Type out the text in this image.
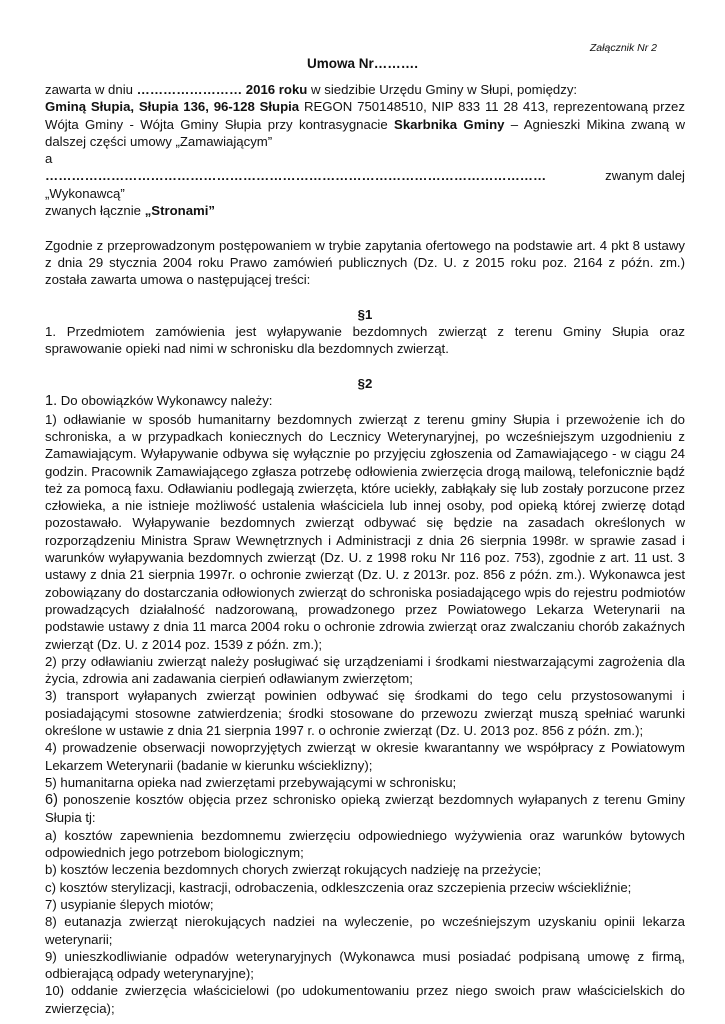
Załącznik Nr 2
Umowa Nr……….

zawarta w dniu …………………… 2016 roku w siedzibie Urzędu Gminy w Słupi, pomiędzy:

Gminą Słupia, Słupia 136, 96-128 Słupia REGON 750148510, NIP 833 11 28 413, reprezentowaną przez Wójta Gminy - Wójta Gminy Słupia przy kontrasygnacie Skarbnika Gminy – Agnieszki Mikina zwaną w dalszej części umowy „Zamawiającym”

a

……………………………………………………………………………………………………	zwanym dalej

„Wykonawcą”

zwanych łącznie „Stronami”

Zgodnie z przeprowadzonym postępowaniem w trybie zapytania ofertowego na podstawie art. 4 pkt 8 ustawy z dnia 29 stycznia 2004 roku Prawo zamówień publicznych (Dz. U. z 2015 roku poz. 2164 z późn. zm.) została zawarta umowa o następującej treści:

§1

1. Przedmiotem zamówienia jest wyłapywanie bezdomnych zwierząt z terenu Gminy Słupia oraz sprawowanie opieki nad nimi w schronisku dla bezdomnych zwierząt.

§2

1. Do obowiązków Wykonawcy należy:

1) odławianie w sposób humanitarny bezdomnych zwierząt z terenu gminy Słupia i przewożenie ich do schroniska, a w przypadkach koniecznych do Lecznicy Weterynaryjnej, po wcześniejszym uzgodnieniu z Zamawiającym. Wyłapywanie odbywa się wyłącznie po przyjęciu zgłoszenia od Zamawiającego - w ciągu 24 godzin. Pracownik Zamawiającego zgłasza potrzebę odłowienia zwierzęcia drogą mailową, telefonicznie bądź też za pomocą faxu. Odławianiu podlegają zwierzęta, które uciekły, zabłąkały się lub zostały porzucone przez człowieka, a nie istnieje możliwość ustalenia właściciela lub innej osoby, pod opieką której zwierzę dotąd pozostawało. Wyłapywanie bezdomnych zwierząt odbywać się będzie na zasadach określonych w rozporządzeniu Ministra Spraw Wewnętrznych i Administracji z dnia 26 sierpnia 1998r. w sprawie zasad i warunków wyłapywania bezdomnych zwierząt (Dz. U. z 1998 roku Nr 116 poz. 753), zgodnie z art. 11 ust. 3 ustawy z dnia 21 sierpnia 1997r. o ochronie zwierząt (Dz. U. z 2013r. poz. 856 z późn. zm.). Wykonawca jest zobowiązany do dostarczania odłowionych zwierząt do schroniska posiadającego wpis do rejestru podmiotów prowadzących działalność nadzorowaną, prowadzonego przez Powiatowego Lekarza Weterynarii na podstawie ustawy z dnia 11 marca 2004 roku o ochronie zdrowia zwierząt oraz zwalczaniu chorób zakaźnych zwierząt (Dz. U. z 2014 poz. 1539 z późn. zm.);

2) przy odławianiu zwierząt należy posługiwać się urządzeniami i środkami niestwarzającymi zagrożenia dla życia, zdrowia ani zadawania cierpień odławianym zwierzętom;

3) transport wyłapanych zwierząt powinien odbywać się środkami do tego celu przystosowanymi i posiadającymi stosowne zatwierdzenia; środki stosowane do przewozu zwierząt muszą spełniać warunki określone w ustawie z dnia 21 sierpnia 1997 r. o ochronie zwierząt (Dz. U. 2013 poz. 856 z późn. zm.);

4) prowadzenie obserwacji nowoprzyjętych zwierząt w okresie kwarantanny we współpracy z Powiatowym Lekarzem Weterynarii (badanie w kierunku wścieklizny);

5) humanitarna opieka nad zwierzętami przebywającymi w schronisku;

6) ponoszenie kosztów objęcia przez schronisko opieką zwierząt bezdomnych wyłapanych z terenu Gminy Słupia tj:

a) kosztów zapewnienia bezdomnemu zwierzęciu odpowiedniego wyżywienia oraz warunków bytowych odpowiednich jego potrzebom biologicznym;

b) kosztów leczenia bezdomnych chorych zwierząt rokujących nadzieję na przeżycie;

c) kosztów sterylizacji, kastracji, odrobaczenia, odkleszczenia oraz szczepienia przeciw wściekliźnie;

7) usypianie ślepych miotów;

8) eutanazja zwierząt nierokujących nadziei na wyleczenie, po wcześniejszym uzyskaniu opinii lekarza weterynarii;

9) unieszkodliwianie odpadów weterynaryjnych (Wykonawca musi posiadać podpisaną umowę z firmą, odbierającą odpady weterynaryjne);

10) oddanie zwierzęcia właścicielowi (po udokumentowaniu przez niego swoich praw właścicielskich do zwierzęcia);
